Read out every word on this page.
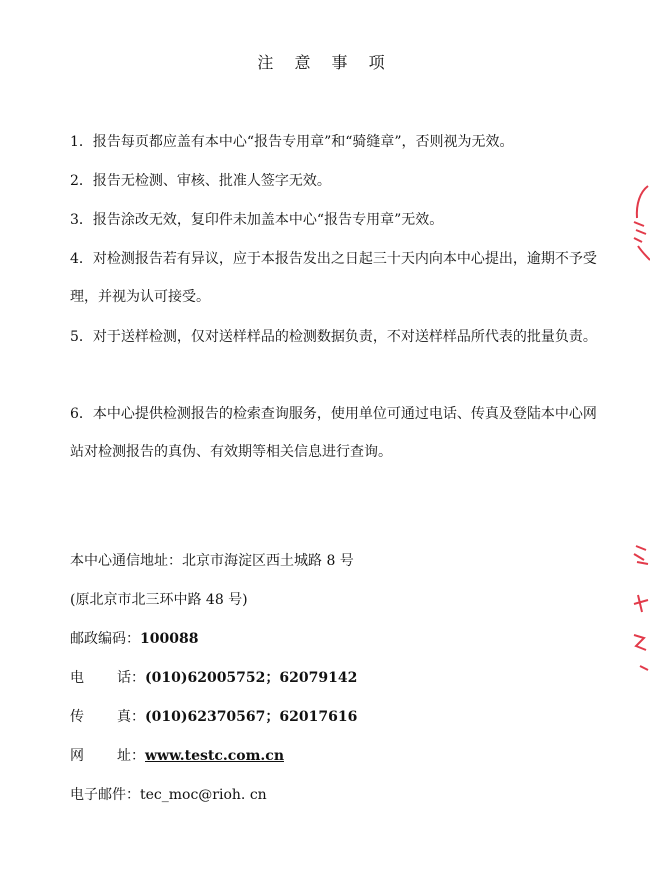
注 意 事 项

1．报告每页都应盖有本中心“报告专用章”和“骑缝章”，否则视为无效。

2．报告无检测、审核、批准人签字无效。

3．报告涂改无效，复印件未加盖本中心“报告专用章”无效。

4．对检测报告若有异议，应于本报告发出之日起三十天内向本中心提出，逾期不予受理，并视为认可接受。

5．对于送样检测，仅对送样样品的检测数据负责，不对送样样品所代表的批量负责。

6．本中心提供检测报告的检索查询服务，使用单位可通过电话、传真及登陆本中心网站对检测报告的真伪、有效期等相关信息进行查询。

本中心通信地址：北京市海淀区西土城路 8 号
(原北京市北三环中路 48 号)
邮政编码： 100088
电 话： (010)62005752；62079142
传 真： (010)62370567；62017616
网 址： www.testc.com.cn
电子邮件： tec_moc@rioh. cn
